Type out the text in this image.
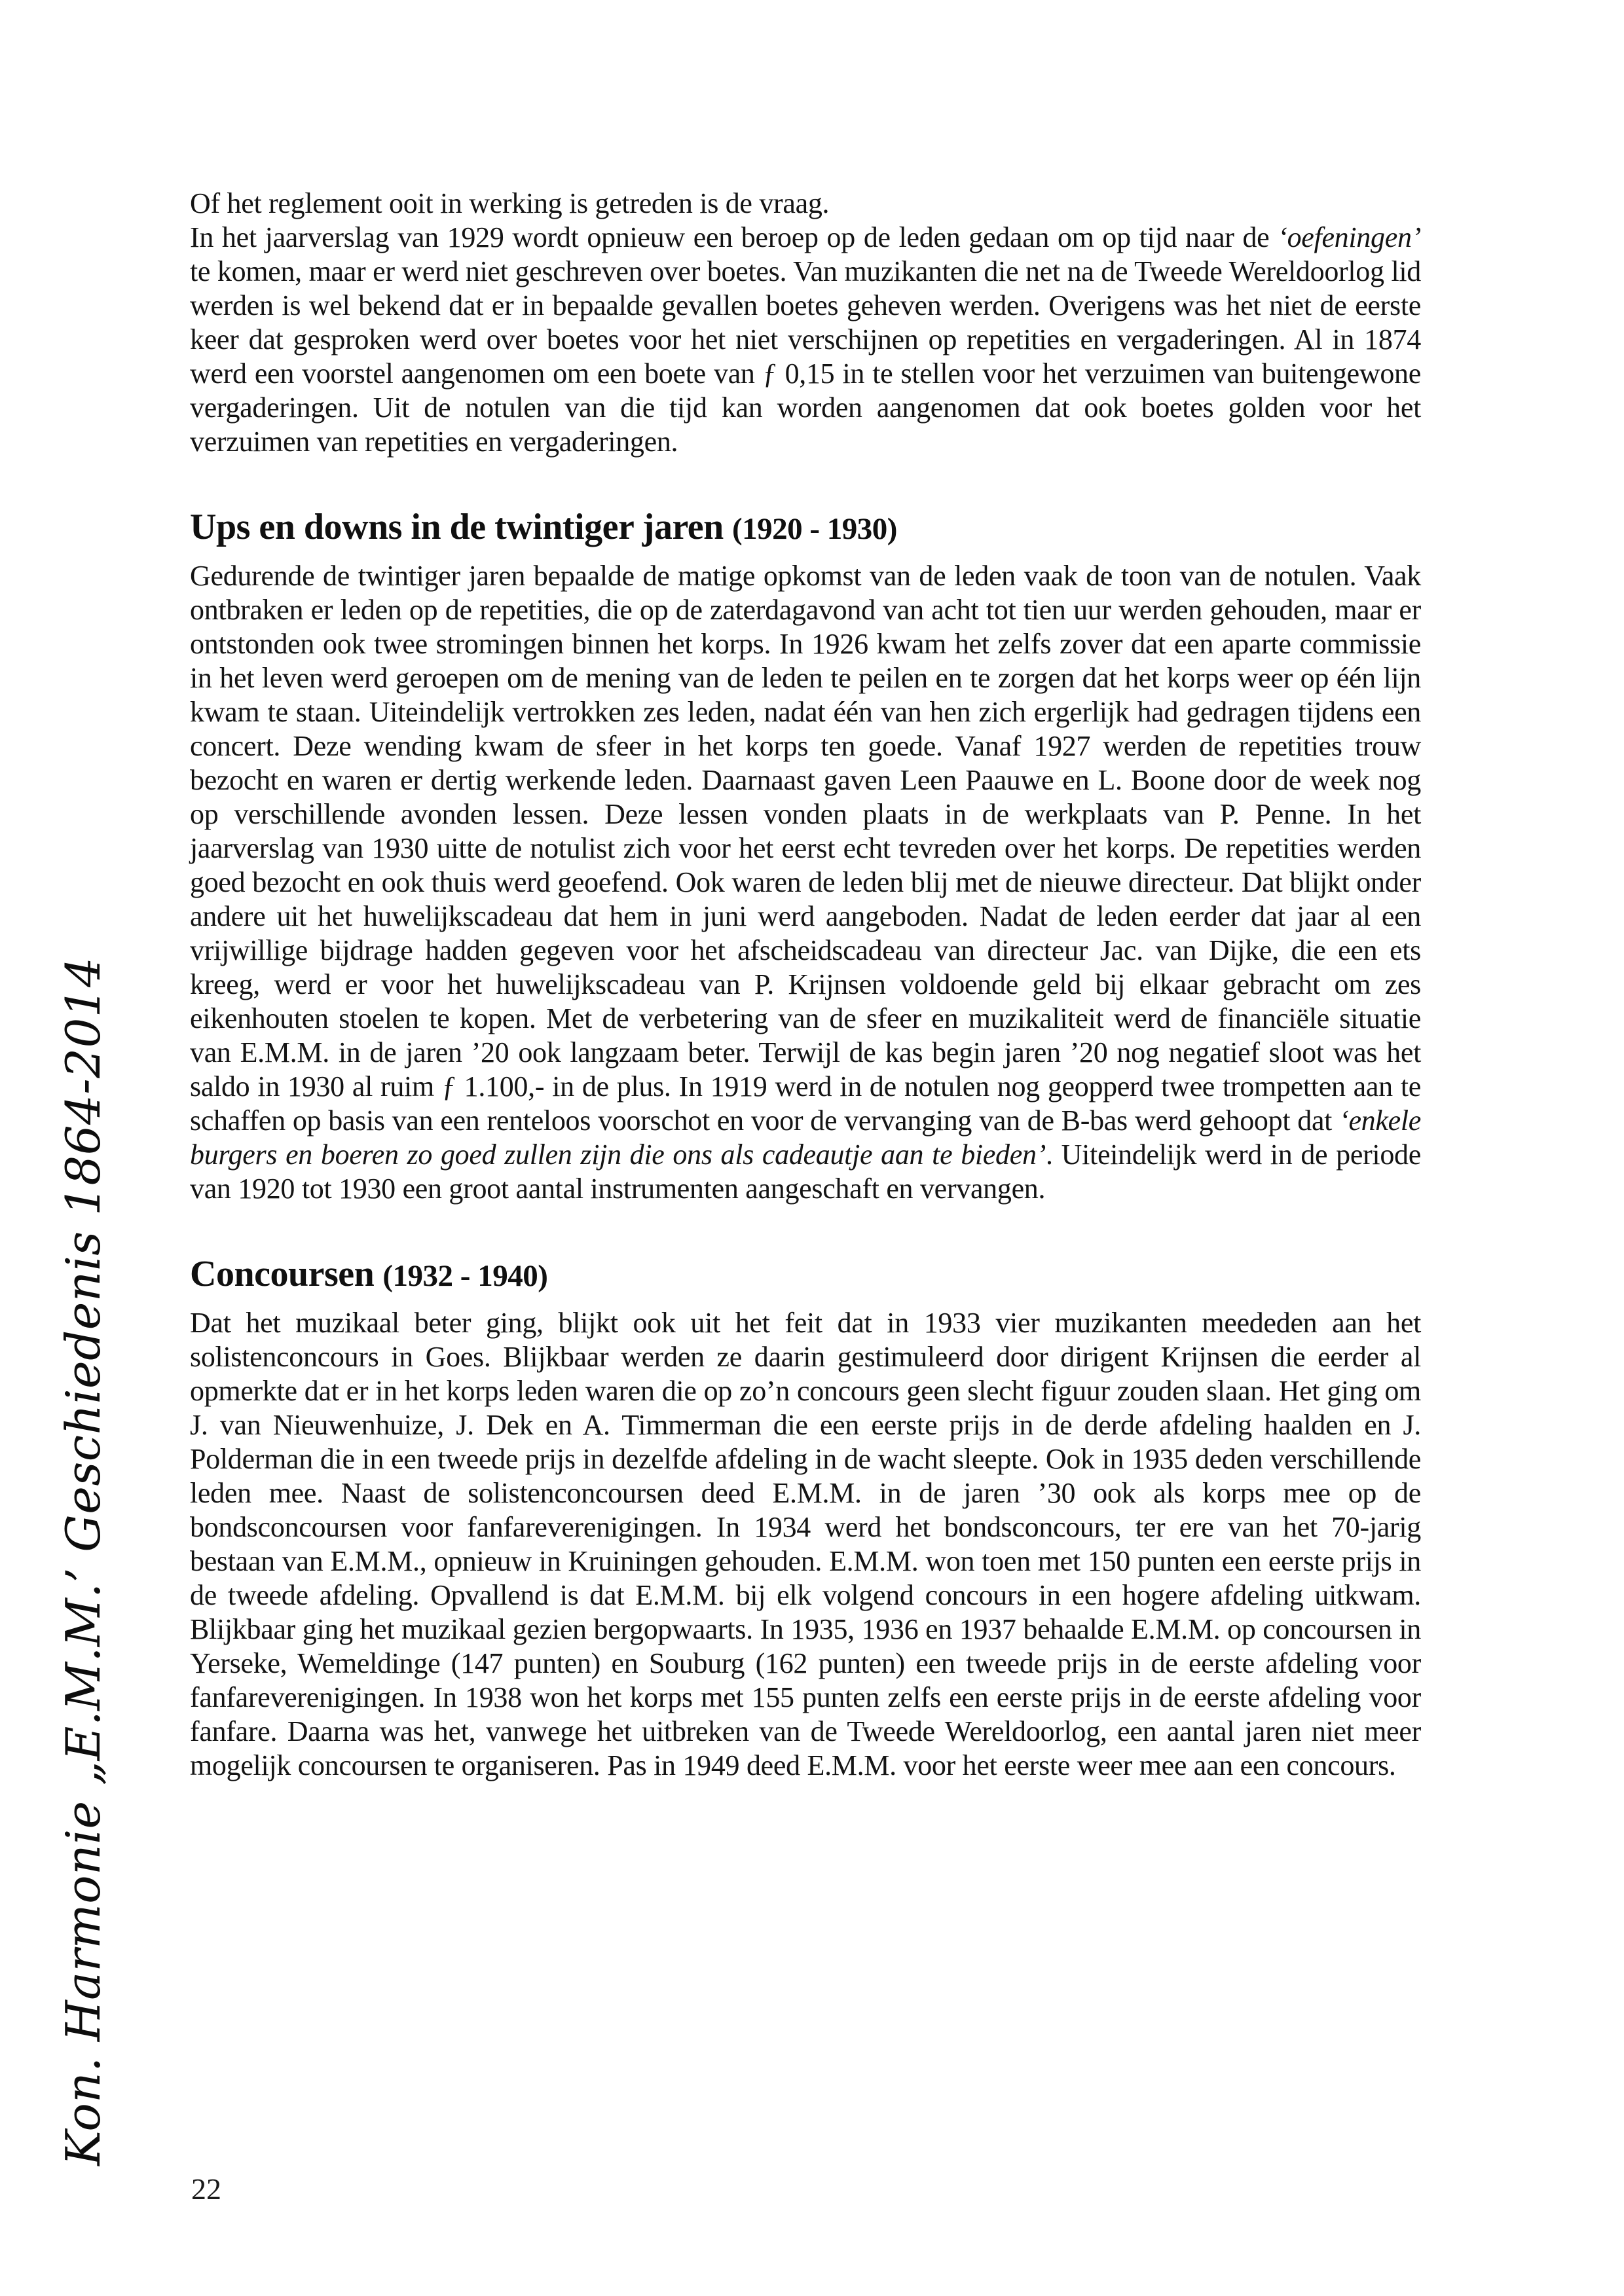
Kon. Harmonie „E.M.M.’ Geschiedenis 1864-2014

Of het reglement ooit in werking is getreden is de vraag.

In het jaarverslag van 1929 wordt opnieuw een beroep op de leden gedaan om op tijd naar de ‘oefeningen’ te komen, maar er werd niet geschreven over boetes. Van muzikanten die net na de Tweede Wereldoorlog lid werden is wel bekend dat er in bepaalde gevallen boetes geheven werden. Overigens was het niet de eerste keer dat gesproken werd over boetes voor het niet verschijnen op repetities en vergaderingen. Al in 1874 werd een voorstel aangenomen om een boete van ƒ 0,15 in te stellen voor het verzuimen van buitengewone vergaderingen. Uit de notulen van die tijd kan worden aangenomen dat ook boetes golden voor het verzuimen van repetities en vergaderingen.

Ups en downs in de twintiger jaren (1920 - 1930)

Gedurende de twintiger jaren bepaalde de matige opkomst van de leden vaak de toon van de notulen. Vaak ontbraken er leden op de repetities, die op de zaterdagavond van acht tot tien uur werden gehouden, maar er ontstonden ook twee stromingen binnen het korps. In 1926 kwam het zelfs zover dat een aparte commissie in het leven werd geroepen om de mening van de leden te peilen en te zorgen dat het korps weer op één lijn kwam te staan. Uiteindelijk vertrokken zes leden, nadat één van hen zich ergerlijk had gedragen tijdens een concert. Deze wending kwam de sfeer in het korps ten goede. Vanaf 1927 werden de repetities trouw bezocht en waren er dertig werkende leden. Daarnaast gaven Leen Paauwe en L. Boone door de week nog op verschillende avonden lessen. Deze lessen vonden plaats in de werkplaats van P. Penne. In het jaarverslag van 1930 uitte de notulist zich voor het eerst echt tevreden over het korps. De repetities werden goed bezocht en ook thuis werd geoefend. Ook waren de leden blij met de nieuwe directeur. Dat blijkt onder andere uit het huwelijkscadeau dat hem in juni werd aangeboden. Nadat de leden eerder dat jaar al een vrijwillige bijdrage hadden gegeven voor het afscheidscadeau van directeur Jac. van Dijke, die een ets kreeg, werd er voor het huwelijkscadeau van P. Krijnsen voldoende geld bij elkaar gebracht om zes eikenhouten stoelen te kopen. Met de verbetering van de sfeer en muzikaliteit werd de financiële situatie van E.M.M. in de jaren ’20 ook langzaam beter. Terwijl de kas begin jaren ’20 nog negatief sloot was het saldo in 1930 al ruim ƒ 1.100,- in de plus. In 1919 werd in de notulen nog geopperd twee trompetten aan te schaffen op basis van een renteloos voorschot en voor de vervanging van de B-bas werd gehoopt dat ‘enkele burgers en boeren zo goed zullen zijn die ons als cadeautje aan te bieden’. Uiteindelijk werd in de periode van 1920 tot 1930 een groot aantal instrumenten aangeschaft en vervangen.

Concoursen (1932 - 1940)

Dat het muzikaal beter ging, blijkt ook uit het feit dat in 1933 vier muzikanten meededen aan het solistenconcours in Goes. Blijkbaar werden ze daarin gestimuleerd door dirigent Krijnsen die eerder al opmerkte dat er in het korps leden waren die op zo’n concours geen slecht figuur zouden slaan. Het ging om J. van Nieuwenhuize, J. Dek en A. Timmerman die een eerste prijs in de derde afdeling haalden en J. Polderman die in een tweede prijs in dezelfde afdeling in de wacht sleepte. Ook in 1935 deden verschillende leden mee. Naast de solistenconcoursen deed E.M.M. in de jaren ’30 ook als korps mee op de bondsconcoursen voor fanfareverenigingen. In 1934 werd het bondsconcours, ter ere van het 70-jarig bestaan van E.M.M., opnieuw in Kruiningen gehouden. E.M.M. won toen met 150 punten een eerste prijs in de tweede afdeling. Opvallend is dat E.M.M. bij elk volgend concours in een hogere afdeling uitkwam. Blijkbaar ging het muzikaal gezien bergopwaarts. In 1935, 1936 en 1937 behaalde E.M.M. op concoursen in Yerseke, Wemeldinge (147 punten) en Souburg (162 punten) een tweede prijs in de eerste afdeling voor fanfareverenigingen. In 1938 won het korps met 155 punten zelfs een eerste prijs in de eerste afdeling voor fanfare. Daarna was het, vanwege het uitbreken van de Tweede Wereldoorlog, een aantal jaren niet meer mogelijk concoursen te organiseren. Pas in 1949 deed E.M.M. voor het eerste weer mee aan een concours.

22
